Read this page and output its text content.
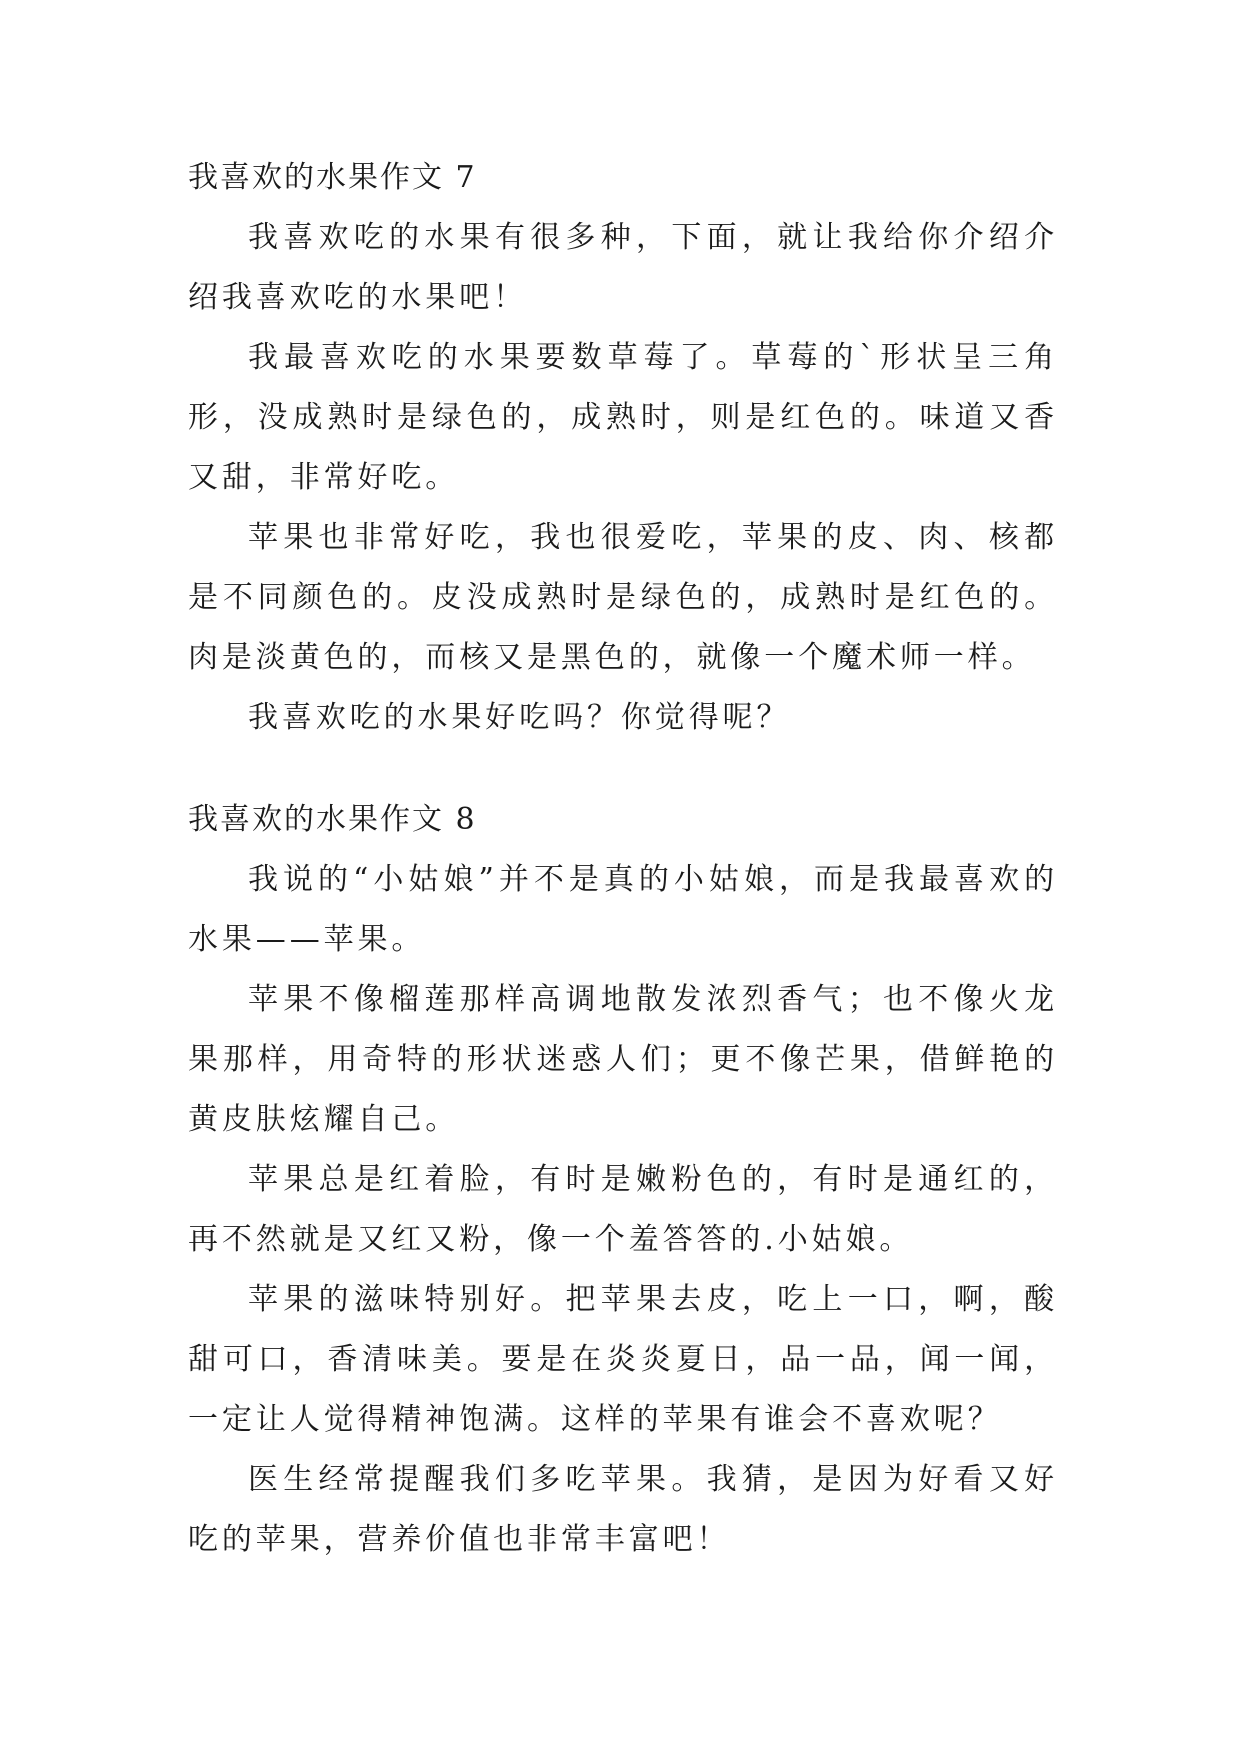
我喜欢的水果作文 7

我喜欢吃的水果有很多种，下面，就让我给你介绍介绍我喜欢吃的水果吧！

我最喜欢吃的水果要数草莓了。草莓的`形状呈三角形，没成熟时是绿色的，成熟时，则是红色的。味道又香又甜，非常好吃。

苹果也非常好吃，我也很爱吃，苹果的皮、肉、核都是不同颜色的。皮没成熟时是绿色的，成熟时是红色的。肉是淡黄色的，而核又是黑色的，就像一个魔术师一样。

我喜欢吃的水果好吃吗？你觉得呢？

我喜欢的水果作文 8

我说的“小姑娘”并不是真的小姑娘，而是我最喜欢的水果——苹果。

苹果不像榴莲那样高调地散发浓烈香气；也不像火龙果那样，用奇特的形状迷惑人们；更不像芒果，借鲜艳的黄皮肤炫耀自己。

苹果总是红着脸，有时是嫩粉色的，有时是通红的，再不然就是又红又粉，像一个羞答答的.小姑娘。

苹果的滋味特别好。把苹果去皮，吃上一口，啊，酸甜可口，香清味美。要是在炎炎夏日，品一品，闻一闻，一定让人觉得精神饱满。这样的苹果有谁会不喜欢呢？

医生经常提醒我们多吃苹果。我猜，是因为好看又好吃的苹果，营养价值也非常丰富吧！
